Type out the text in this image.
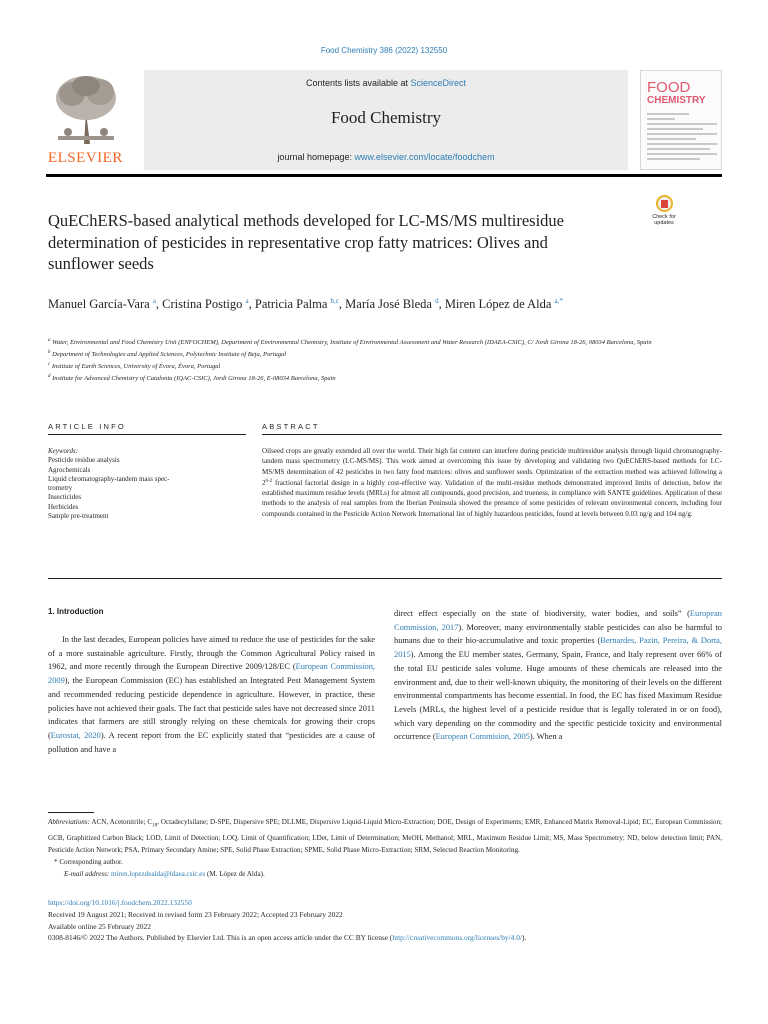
Food Chemistry 386 (2022) 132550
ELSEVIER
Contents lists available at ScienceDirect
Food Chemistry
journal homepage: www.elsevier.com/locate/foodchem
FOOD
CHEMISTRY
QuEChERS-based analytical methods developed for LC-MS/MS multiresidue determination of pesticides in representative crop fatty matrices: Olives and sunflower seeds
Check for updates
Manuel García-Vara $^a$, Cristina Postigo $^a$, Patricia Palma $^{b,c}$, María José Bleda $^d$, Miren López de Alda $^{a,*}$
$^a$ Water, Environmental and Food Chemistry Unit (ENFOCHEM), Department of Environmental Chemistry, Institute of Environmental Assessment and Water Research (IDAEA-CSIC), C/ Jordi Girona 18-26, 08034 Barcelona, Spain
$^b$ Department of Technologies and Applied Sciences, Polytechnic Institute of Beja, Portugal
$^c$ Institute of Earth Sciences, University of Évora, Évora, Portugal
$^d$ Institute for Advanced Chemistry of Catalonia (IQAC-CSIC), Jordi Girona 18-26, E-08034 Barcelona, Spain
ARTICLE INFO	ABSTRACT
Keywords:
Pesticide residue analysis
Agrochemicals
Liquid chromatography-tandem mass spec-
trometry
Insecticides
Herbicides
Sample pre-treatment
Oilseed crops are greatly extended all over the world. Their high fat content can interfere during pesticide multiresidue analysis through liquid chromatography-tandem mass spectrometry (LC-MS/MS). This work aimed at overcoming this issue by developing and validating two QuEChERS-based methods for LC-MS/MS determination of 42 pesticides in two fatty food matrices: olives and sunflower seeds. Optimization of the extraction method was achieved following a 2$^{6-2}$ fractional factorial design in a highly cost-effective way. Validation of the multi-residue methods demonstrated improved limits of detection, below the established maximum residue levels (MRLs) for almost all compounds, good precision, and trueness, in compliance with SANTE guidelines. Application of these methods to the analysis of real samples from the Iberian Peninsula showed the presence of some pesticides of relevant environmental concern, including four compounds contained in the Pesticide Action Network International list of highly hazardous pesticides, found at levels between 0.03 ng/g and 104 ng/g.
1. Introduction

In the last decades, European policies have aimed to reduce the use of pesticides for the sake of a more sustainable agriculture. Firstly, through the Common Agricultural Policy raised in 1962, and more recently through the European Directive 2009/128/EC (European Commission, 2009), the European Commission (EC) has established an Integrated Pest Management System and recommended reducing pesticide dependence in agriculture. However, in practice, these policies have not achieved their goals. The fact that pesticide sales have not decreased since 2011 indicates that farmers are still strongly relying on these chemicals for growing their crops (Eurostat, 2020). A recent report from the EC explicitly stated that “pesticides are a cause of pollution and have a

direct effect especially on the state of biodiversity, water bodies, and soils” (European Commission, 2017). Moreover, many environmentally stable pesticides can also be harmful to humans due to their bio-accumulative and toxic properties (Bernardes, Pazin, Pereira, & Dorta, 2015). Among the EU member states, Germany, Spain, France, and Italy represent over 66% of the total EU pesticide sales volume. Huge amounts of these chemicals are released into the environment and, due to their well-known ubiquity, the monitoring of their levels on the different environmental compartments has become essential. In food, the EC has fixed Maximum Residue Levels (MRLs, the highest level of a pesticide residue that is legally tolerated in or on food), which vary depending on the commodity and the specific pesticide toxicity and environmental occurrence (European Commision, 2005). When a

Abbreviations: ACN, Acetonitrile; $C_{18}$, Octadecylsilane; D-SPE, Dispersive SPE; DLLME, Dispersive Liquid-Liquid Micro-Extraction; DOE, Design of Experiments; EMR, Enhanced Matrix Removal-Lipid; EC, European Commission; GCB, Graphitized Carbon Black; LOD, Limit of Detection; LOQ, Limit of Quantification; LDet, Limit of Determination; MeOH, Methanol; MRL, Maximum Residue Limit; MS, Mass Spectrometry; ND, below detection limit; PAN, Pesticide Action Network; PSA, Primary Secondary Amine; SPE, Solid Phase Extraction; SPME, Solid Phase Micro-Extraction; SRM, Selected Reaction Monitoring.
* Corresponding author.
E-mail address: miren.lopezdealda@idaea.csic.es (M. López de Alda).
https://doi.org/10.1016/j.foodchem.2022.132550
Received 19 August 2021; Received in revised form 23 February 2022; Accepted 23 February 2022
Available online 25 February 2022
0308-8146/© 2022 The Authors. Published by Elsevier Ltd. This is an open access article under the CC BY license (http://creativecommons.org/licenses/by/4.0/).
